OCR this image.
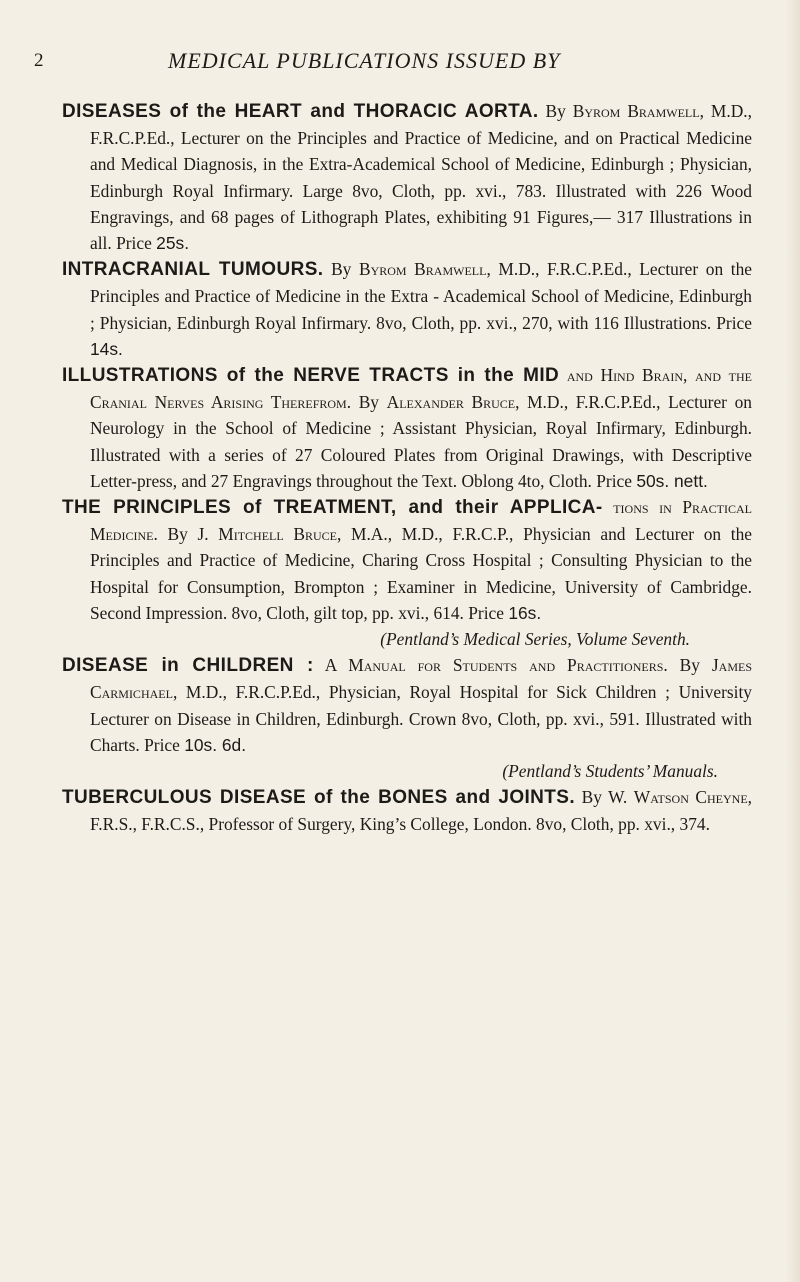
2	MEDICAL PUBLICATIONS ISSUED BY
DISEASES of the HEART and THORACIC AORTA. By Byrom Bramwell, M.D., F.R.C.P.Ed., Lecturer on the Principles and Practice of Medicine, and on Practical Medicine and Medical Diagnosis, in the Extra-Academical School of Medicine, Edinburgh ; Physician, Edinburgh Royal Infirmary. Large 8vo, Cloth, pp. xvi., 783. Illustrated with 226 Wood Engravings, and 68 pages of Lithograph Plates, exhibiting 91 Figures,— 317 Illustrations in all. Price 25s.
INTRACRANIAL TUMOURS. By Byrom Bramwell, M.D., F.R.C.P.Ed., Lecturer on the Principles and Practice of Medicine in the Extra - Academical School of Medicine, Edinburgh ; Physician, Edinburgh Royal Infirmary. 8vo, Cloth, pp. xvi., 270, with 116 Illustrations. Price 14s.
ILLUSTRATIONS of the NERVE TRACTS in the MID and Hind Brain, and the Cranial Nerves Arising Therefrom. By Alexander Bruce, M.D., F.R.C.P.Ed., Lecturer on Neurology in the School of Medicine ; Assistant Physician, Royal Infirmary, Edinburgh. Illustrated with a series of 27 Coloured Plates from Original Drawings, with Descriptive Letter-press, and 27 Engravings throughout the Text. Oblong 4to, Cloth. Price 50s. nett.
THE PRINCIPLES of TREATMENT, and their APPLICA- tions in Practical Medicine. By J. Mitchell Bruce, M.A., M.D., F.R.C.P., Physician and Lecturer on the Principles and Practice of Medicine, Charing Cross Hospital ; Consulting Physician to the Hospital for Consumption, Brompton ; Examiner in Medicine, University of Cambridge. Second Impression. 8vo, Cloth, gilt top, pp. xvi., 614. Price 16s.
(Pentland’s Medical Series, Volume Seventh.
DISEASE in CHILDREN : A Manual for Students and Practitioners. By James Carmichael, M.D., F.R.C.P.Ed., Physician, Royal Hospital for Sick Children ; University Lecturer on Disease in Children, Edinburgh. Crown 8vo, Cloth, pp. xvi., 591. Illustrated with Charts. Price 10s. 6d.
(Pentland’s Students’ Manuals.
TUBERCULOUS DISEASE of the BONES and JOINTS. By W. Watson Cheyne, F.R.S., F.R.C.S., Professor of Surgery, King’s College, London. 8vo, Cloth, pp. xvi., 374.
